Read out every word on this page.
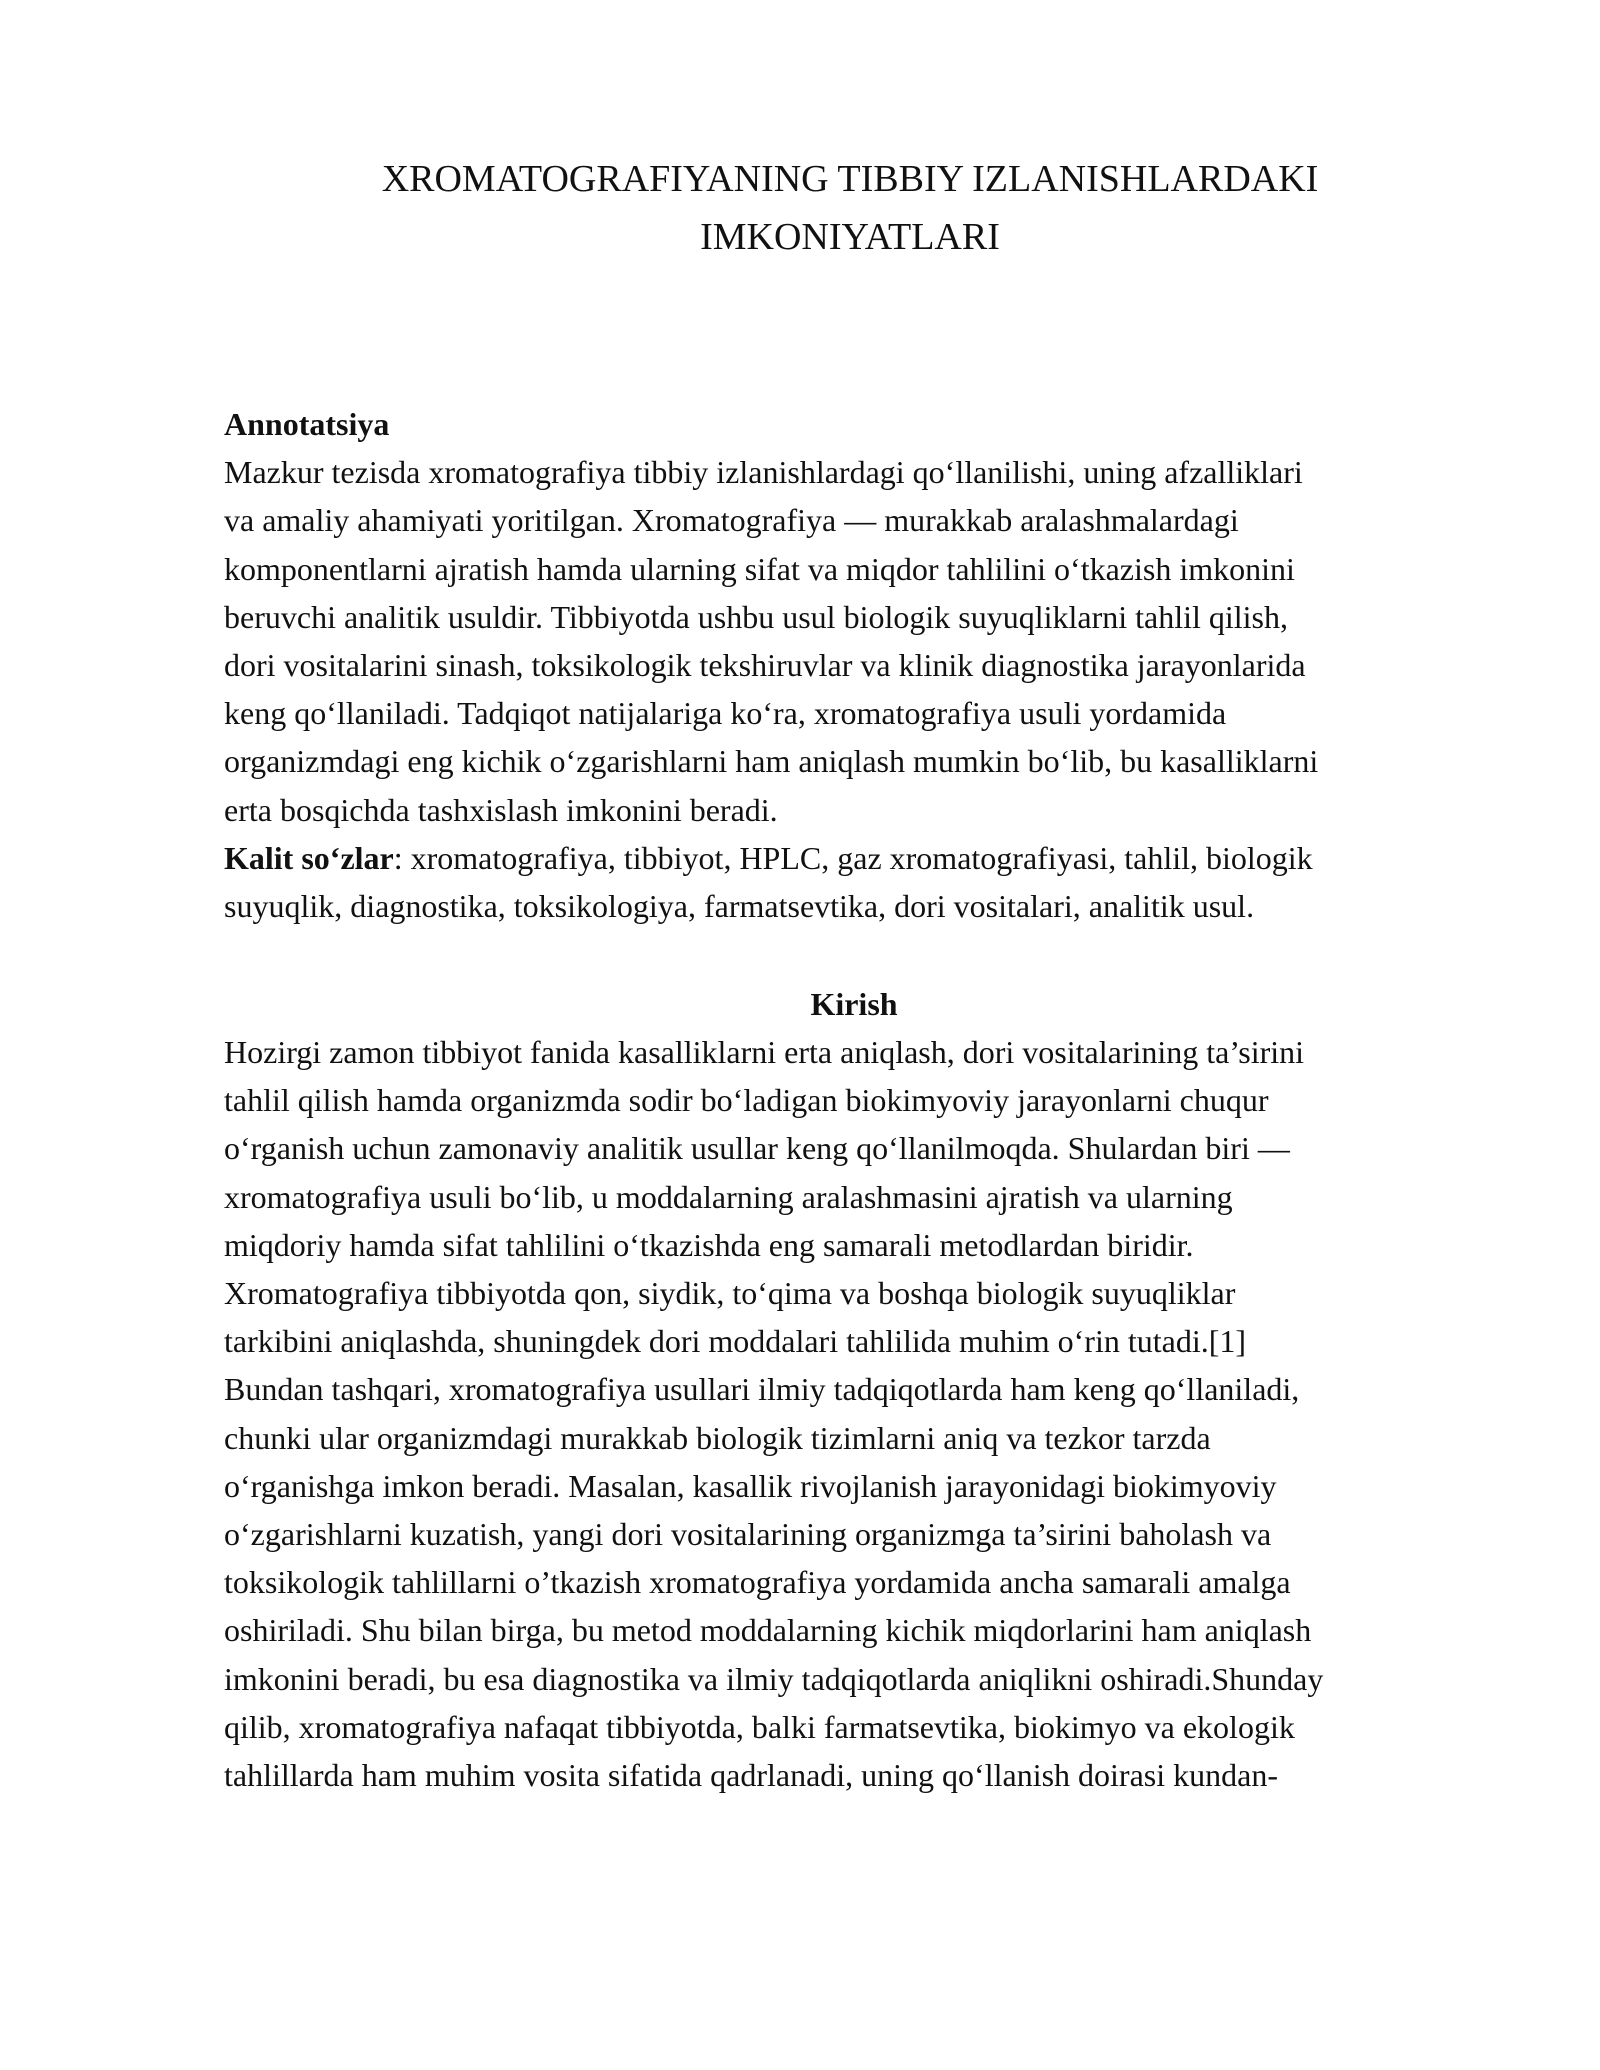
XROMATOGRAFIYANING TIBBIY IZLANISHLARDAKI
IMKONIYATLARI
Annotatsiya
Mazkur tezisda xromatografiya tibbiy izlanishlardagi qo‘llanilishi, uning afzalliklari
va amaliy ahamiyati yoritilgan. Xromatografiya — murakkab aralashmalardagi
komponentlarni ajratish hamda ularning sifat va miqdor tahlilini o‘tkazish imkonini
beruvchi analitik usuldir. Tibbiyotda ushbu usul biologik suyuqliklarni tahlil qilish,
dori vositalarini sinash, toksikologik tekshiruvlar va klinik diagnostika jarayonlarida
keng qo‘llaniladi. Tadqiqot natijalariga ko‘ra, xromatografiya usuli yordamida
organizmdagi eng kichik o‘zgarishlarni ham aniqlash mumkin bo‘lib, bu kasalliklarni
erta bosqichda tashxislash imkonini beradi.
Kalit so‘zlar: xromatografiya, tibbiyot, HPLC, gaz xromatografiyasi, tahlil, biologik
suyuqlik, diagnostika, toksikologiya, farmatsevtika, dori vositalari, analitik usul.
Kirish
Hozirgi zamon tibbiyot fanida kasalliklarni erta aniqlash, dori vositalarining ta’sirini
tahlil qilish hamda organizmda sodir bo‘ladigan biokimyoviy jarayonlarni chuqur
o‘rganish uchun zamonaviy analitik usullar keng qo‘llanilmoqda. Shulardan biri —
xromatografiya usuli bo‘lib, u moddalarning aralashmasini ajratish va ularning
miqdoriy hamda sifat tahlilini o‘tkazishda eng samarali metodlardan biridir.
Xromatografiya tibbiyotda qon, siydik, to‘qima va boshqa biologik suyuqliklar
tarkibini aniqlashda, shuningdek dori moddalari tahlilida muhim o‘rin tutadi.[1]
Bundan tashqari, xromatografiya usullari ilmiy tadqiqotlarda ham keng qo‘llaniladi,
chunki ular organizmdagi murakkab biologik tizimlarni aniq va tezkor tarzda
o‘rganishga imkon beradi. Masalan, kasallik rivojlanish jarayonidagi biokimyoviy
o‘zgarishlarni kuzatish, yangi dori vositalarining organizmga ta’sirini baholash va
toksikologik tahlillarni o’tkazish xromatografiya yordamida ancha samarali amalga
oshiriladi. Shu bilan birga, bu metod moddalarning kichik miqdorlarini ham aniqlash
imkonini beradi, bu esa diagnostika va ilmiy tadqiqotlarda aniqlikni oshiradi.Shunday
qilib, xromatografiya nafaqat tibbiyotda, balki farmatsevtika, biokimyo va ekologik
tahlillarda ham muhim vosita sifatida qadrlanadi, uning qo‘llanish doirasi kundan-
